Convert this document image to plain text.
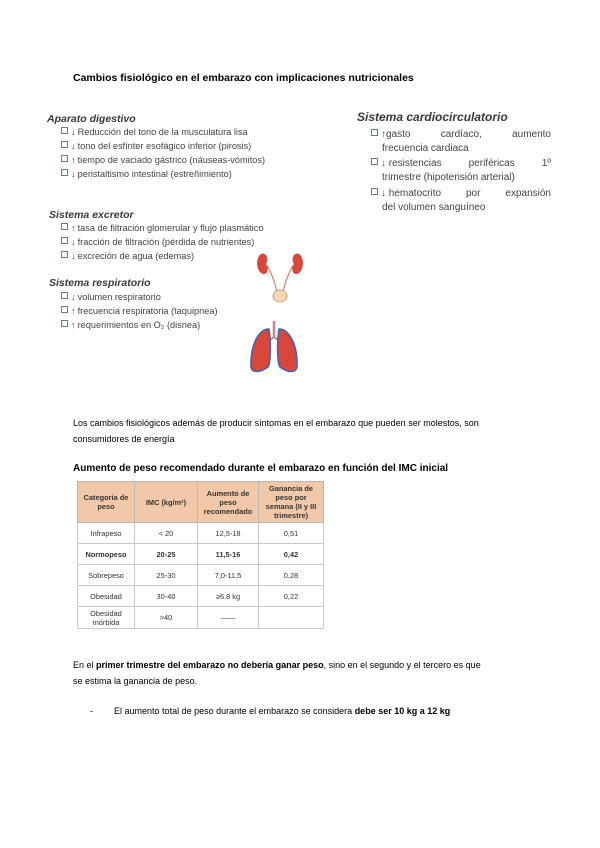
Cambios fisiológico en el embarazo con implicaciones nutricionales
Aparato digestivo
↓ Reducción del tono de la musculatura lisa
↓ tono del esfínter esofágico inferior (pirosis)
↑ tiempo de vaciado gástrico (náuseas-vómitos)
↓ peristaltismo intestinal (estreñimiento)
Sistema excretor
↑ tasa de filtración glomerular y flujo plasmático
↓ fracción de filtración (pérdida de nutrientes)
↓ excreción de agua (edemas)
Sistema respiratorio
↓ volumen respiratorio
↑ frecuencia respiratoria (taquipnea)
↑ requerimientos en O₂ (disnea)
Sistema cardiocirculatorio
↑ gasto cardíaco, aumento
frecuencia cardiaca
↓ resistencias periféricas 1º
trimestre (hipotensión arterial)
↓ hematocrito por expansión
del volumen sanguíneo
Los cambios fisiológicos además de producir síntomas en el embarazo que pueden ser molestos, son
consumidores de energía
Aumento de peso recomendado durante el embarazo en función del IMC inicial
Categoría de peso	IMC (kg/m²)	Aumento de peso recomendado	Ganancia de peso por semana (II y III trimestre)
Infrapeso	< 20	12,5-18	0,51
Normopeso	20-25	11,5-16	0,42
Sobrepeso	25-30	7,0-11.5	0,28
Obesidad	30-40	≥6.8 kg	0,22
Obesidad mórbida	>40	——	
En el primer trimestre del embarazo no debería ganar peso, sino en el segundo y el tercero es que
se estima la ganancia de peso.
- El aumento total de peso durante el embarazo se considera debe ser 10 kg a 12 kg
